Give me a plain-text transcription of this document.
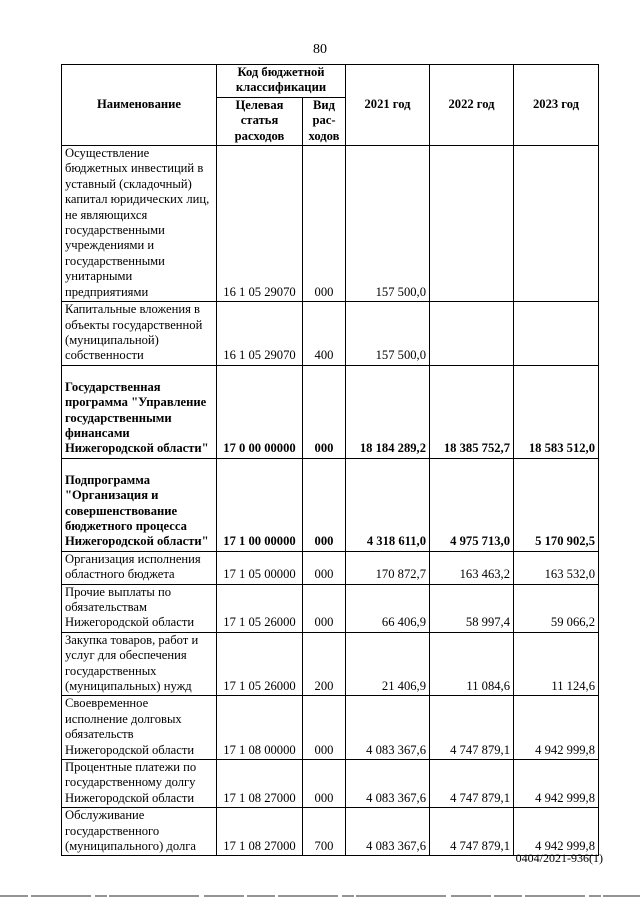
80
Наименование	Код бюджетной классификации		2021 год	2022 год	2023 год
	Целевая статья расходов	Вид рас-ходов			
Осуществление бюджетных инвестиций в уставный (складочный) капитал юридических лиц, не являющихся государственными учреждениями и государственными унитарными предприятиями	16 1 05 29070	000	157 500,0		
Капитальные вложения в объекты государственной (муниципальной) собственности	16 1 05 29070	400	157 500,0		
Государственная программа "Управление государственными финансами Нижегородской области"	17 0 00 00000	000	18 184 289,2	18 385 752,7	18 583 512,0
Подпрограмма "Организация и совершенствование бюджетного процесса Нижегородской области"	17 1 00 00000	000	4 318 611,0	4 975 713,0	5 170 902,5
Организация исполнения областного бюджета	17 1 05 00000	000	170 872,7	163 463,2	163 532,0
Прочие выплаты по обязательствам Нижегородской области	17 1 05 26000	000	66 406,9	58 997,4	59 066,2
Закупка товаров, работ и услуг для обеспечения государственных (муниципальных) нужд	17 1 05 26000	200	21 406,9	11 084,6	11 124,6
Своевременное исполнение долговых обязательств Нижегородской области	17 1 08 00000	000	4 083 367,6	4 747 879,1	4 942 999,8
Процентные платежи по государственному долгу Нижегородской области	17 1 08 27000	000	4 083 367,6	4 747 879,1	4 942 999,8
Обслуживание государственного (муниципального) долга	17 1 08 27000	700	4 083 367,6	4 747 879,1	4 942 999,8
0404/2021-936(1)
